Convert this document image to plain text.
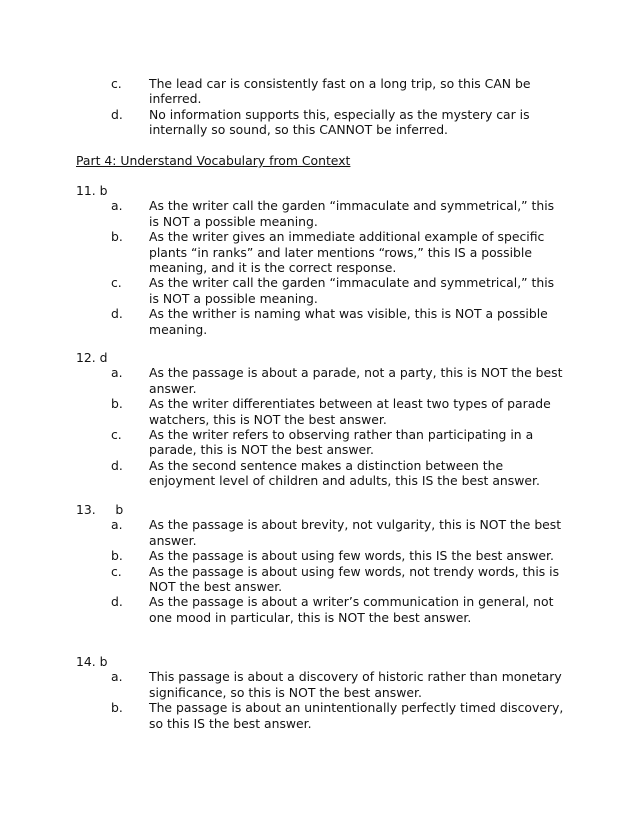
c. The lead car is consistently fast on a long trip, so this CAN be inferred.
d. No information supports this, especially as the mystery car is internally so sound, so this CANNOT be inferred.
Part 4: Understand Vocabulary from Context
11. b
a. As the writer call the garden “immaculate and symmetrical,” this is NOT a possible meaning.
b. As the writer gives an immediate additional example of specific plants “in ranks” and later mentions “rows,” this IS a possible meaning, and it is the correct response.
c. As the writer call the garden “immaculate and symmetrical,” this is NOT a possible meaning.
d. As the writher is naming what was visible, this is NOT a possible meaning.
12. d
a. As the passage is about a parade, not a party, this is NOT the best answer.
b. As the writer differentiates between at least two types of parade watchers, this is NOT the best answer.
c. As the writer refers to observing rather than participating in a parade, this is NOT the best answer.
d. As the second sentence makes a distinction between the enjoyment level of children and adults, this IS the best answer.
13.     b
a. As the passage is about brevity, not vulgarity, this is NOT the best answer.
b. As the passage is about using few words, this IS the best answer.
c. As the passage is about using few words, not trendy words, this is NOT the best answer.
d. As the passage is about a writer’s communication in general, not one mood in particular, this is NOT the best answer.
14. b
a. This passage is about a discovery of historic rather than monetary significance, so this is NOT the best answer.
b. The passage is about an unintentionally perfectly timed discovery, so this IS the best answer.
